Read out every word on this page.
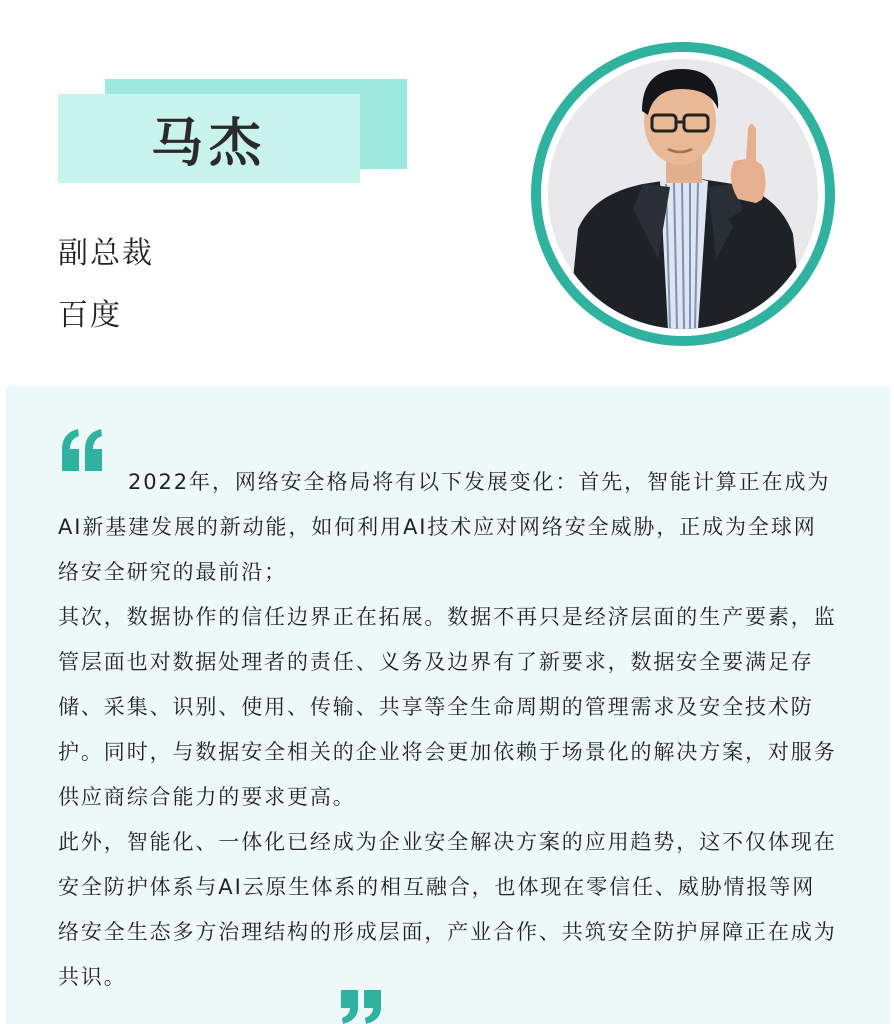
马杰
副总裁
百度

2022年，网络安全格局将有以下发展变化：首先，智能计算正在成为AI新基建发展的新动能，如何利用AI技术应对网络安全威胁，正成为全球网络安全研究的最前沿；

其次，数据协作的信任边界正在拓展。数据不再只是经济层面的生产要素，监管层面也对数据处理者的责任、义务及边界有了新要求，数据安全要满足存储、采集、识别、使用、传输、共享等全生命周期的管理需求及安全技术防护。同时，与数据安全相关的企业将会更加依赖于场景化的解决方案，对服务供应商综合能力的要求更高。

此外，智能化、一体化已经成为企业安全解决方案的应用趋势，这不仅体现在安全防护体系与AI云原生体系的相互融合，也体现在零信任、威胁情报等网络安全生态多方治理结构的形成层面，产业合作、共筑安全防护屏障正在成为共识。
